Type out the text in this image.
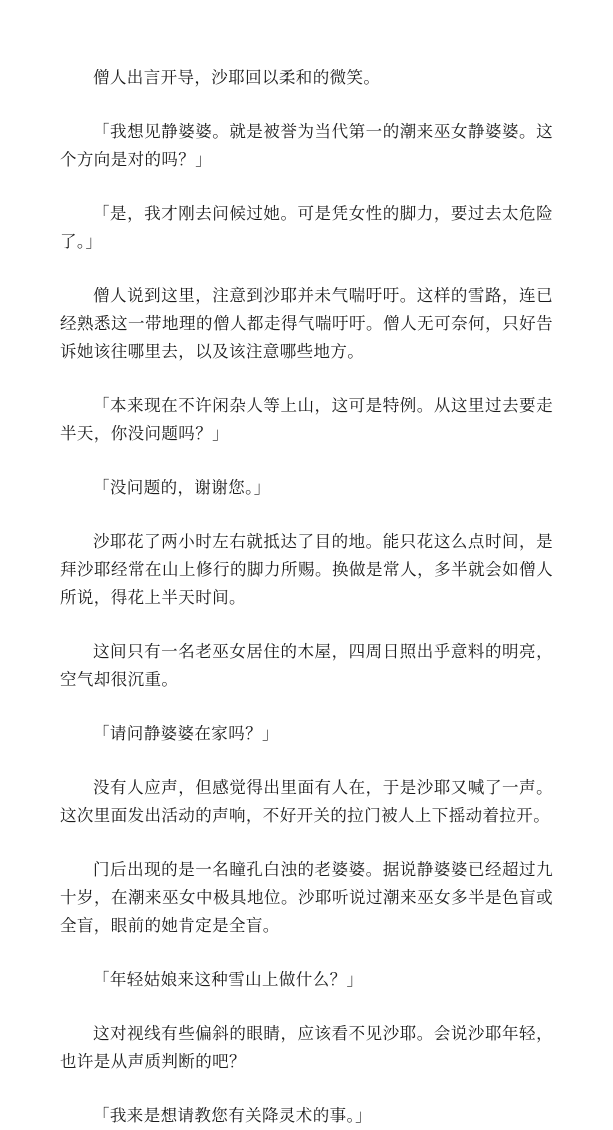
僧人出言开导，沙耶回以柔和的微笑。

「我想见静婆婆。就是被誉为当代第一的潮来巫女静婆婆。这个方向是对的吗？」

「是，我才刚去问候过她。可是凭女性的脚力，要过去太危险了。」

僧人说到这里，注意到沙耶并未气喘吁吁。这样的雪路，连已经熟悉这一带地理的僧人都走得气喘吁吁。僧人无可奈何，只好告诉她该往哪里去，以及该注意哪些地方。

「本来现在不许闲杂人等上山，这可是特例。从这里过去要走半天，你没问题吗？」

「没问题的，谢谢您。」

沙耶花了两小时左右就抵达了目的地。能只花这么点时间，是拜沙耶经常在山上修行的脚力所赐。换做是常人，多半就会如僧人所说，得花上半天时间。

这间只有一名老巫女居住的木屋，四周日照出乎意料的明亮，空气却很沉重。

「请问静婆婆在家吗？」

没有人应声，但感觉得出里面有人在，于是沙耶又喊了一声。这次里面发出活动的声响，不好开关的拉门被人上下摇动着拉开。

门后出现的是一名瞳孔白浊的老婆婆。据说静婆婆已经超过九十岁，在潮来巫女中极具地位。沙耶听说过潮来巫女多半是色盲或全盲，眼前的她肯定是全盲。

「年轻姑娘来这种雪山上做什么？」

这对视线有些偏斜的眼睛，应该看不见沙耶。会说沙耶年轻，也许是从声质判断的吧？

「我来是想请教您有关降灵术的事。」
